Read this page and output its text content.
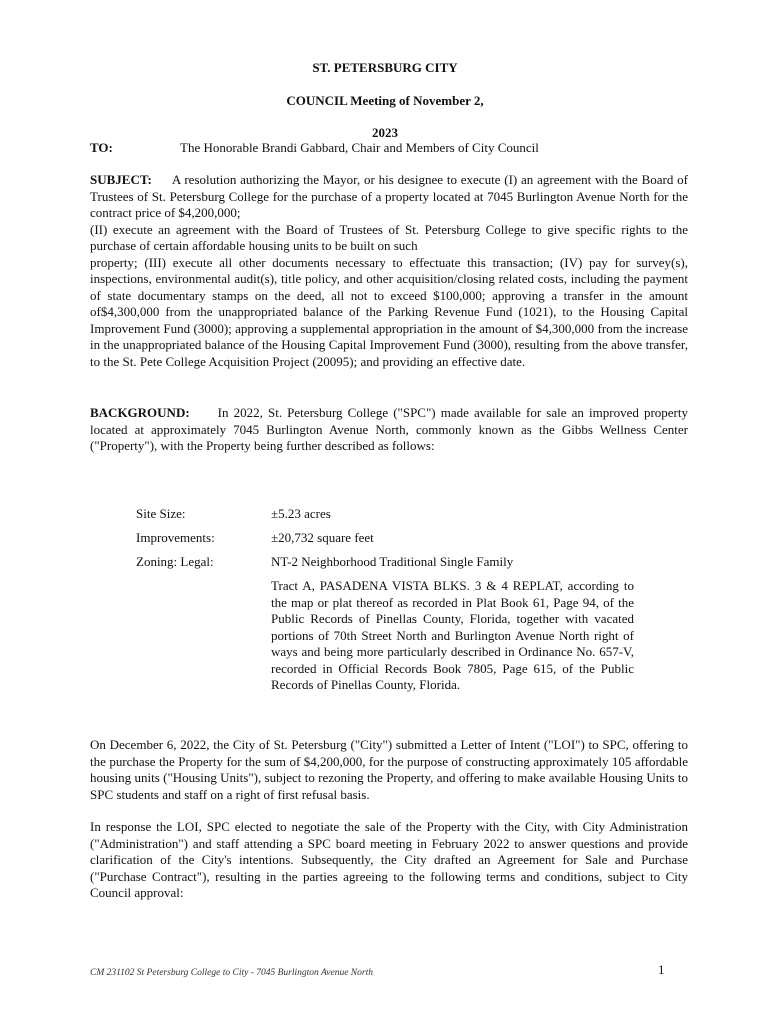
ST. PETERSBURG CITY
COUNCIL Meeting of November 2,
2023
TO:	The Honorable Brandi Gabbard, Chair and Members of City Council

SUBJECT: A resolution authorizing the Mayor, or his designee to execute (I) an agreement with the Board of Trustees of St. Petersburg College for the purchase of a property located at 7045 Burlington Avenue North for the contract price of $4,200,000;

(II) execute an agreement with the Board of Trustees of St. Petersburg College to give specific rights to the purchase of certain affordable housing units to be built on such

property; (III) execute all other documents necessary to effectuate this transaction; (IV) pay for survey(s), inspections, environmental audit(s), title policy, and other acquisition/closing related costs, including the payment of state documentary stamps on the deed, all not to exceed $100,000; approving a transfer in the amount of$4,300,000 from the unappropriated balance of the Parking Revenue Fund (1021), to the Housing Capital Improvement Fund (3000); approving a supplemental appropriation in the amount of $4,300,000 from the increase in the unappropriated balance of the Housing Capital Improvement Fund (3000), resulting from the above transfer, to the St. Pete College Acquisition Project (20095); and providing an effective date.

BACKGROUND: In 2022, St. Petersburg College ("SPC") made available for sale an improved property located at approximately 7045 Burlington Avenue North, commonly known as the Gibbs Wellness Center ("Property"), with the Property being further described as follows:

Site Size:	±5.23 acres
Improvements:	±20,732 square feet
Zoning: Legal:	NT-2 Neighborhood Traditional Single Family
Tract A, PASADENA VISTA BLKS. 3 & 4 REPLAT, according to the map or plat thereof as recorded in Plat Book 61, Page 94, of the Public Records of Pinellas County, Florida, together with vacated portions of 70th Street North and Burlington Avenue North right of ways and being more particularly described in Ordinance No. 657-V, recorded in Official Records Book 7805, Page 615, of the Public Records of Pinellas County, Florida.
On December 6, 2022, the City of St. Petersburg ("City") submitted a Letter of Intent ("LOI") to SPC, offering to the purchase the Property for the sum of $4,200,000, for the purpose of constructing approximately 105 affordable housing units ("Housing Units"), subject to rezoning the Property, and offering to make available Housing Units to SPC students and staff on a right of first refusal basis.
In response the LOI, SPC elected to negotiate the sale of the Property with the City, with City Administration ("Administration") and staff attending a SPC board meeting in February 2022 to answer questions and provide clarification of the City's intentions. Subsequently, the City drafted an Agreement for Sale and Purchase ("Purchase Contract"), resulting in the parties agreeing to the following terms and conditions, subject to City Council approval:
CM 231102 St Petersburg College to City - 7045 Burlington Avenue North	1
